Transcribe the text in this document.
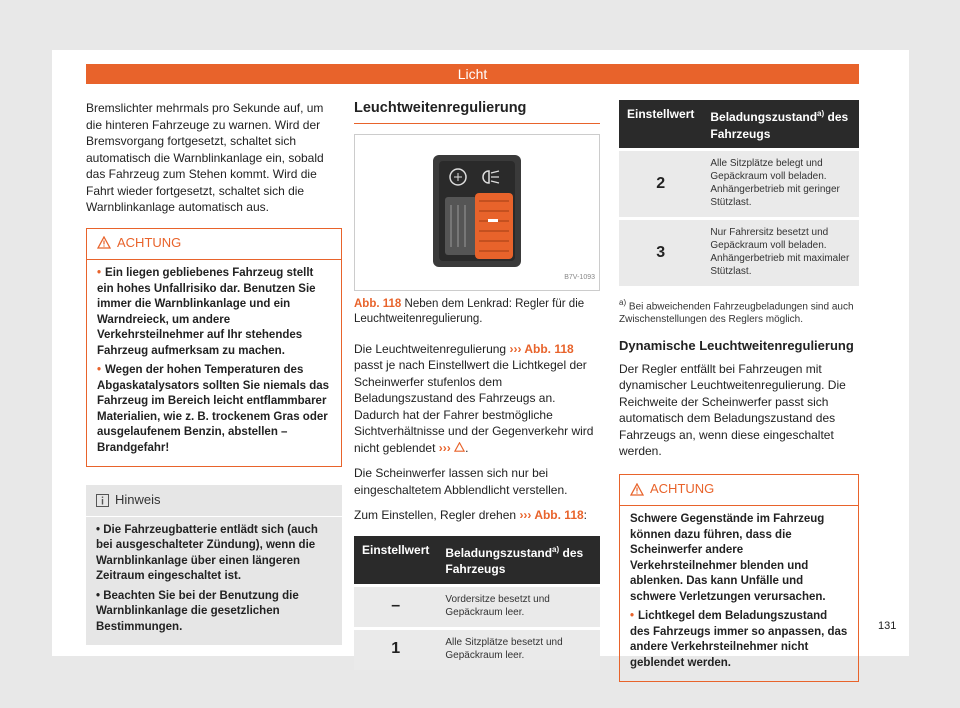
Licht

Bremslichter mehrmals pro Sekunde auf, um die hinteren Fahrzeuge zu warnen. Wird der Bremsvorgang fortgesetzt, schaltet sich automatisch die Warnblinkanlage ein, sobald das Fahrzeug zum Stehen kommt. Wird die Fahrt wieder fortgesetzt, schaltet sich die Warnblinkanlage automatisch aus.

ACHTUNG
• Ein liegen gebliebenes Fahrzeug stellt ein hohes Unfallrisiko dar. Benutzen Sie immer die Warnblinkanlage und ein Warndreieck, um andere Verkehrsteilnehmer auf Ihr stehendes Fahrzeug aufmerksam zu machen.
• Wegen der hohen Temperaturen des Abgaskatalysators sollten Sie niemals das Fahrzeug im Bereich leicht entflammbarer Materialien, wie z. B. trockenem Gras oder ausgelaufenem Benzin, abstellen – Brandgefahr!
Hinweis
• Die Fahrzeugbatterie entlädt sich (auch bei ausgeschalteter Zündung), wenn die Warnblinkanlage über einen längeren Zeitraum eingeschaltet ist.
• Beachten Sie bei der Benutzung die Warnblinkanlage die gesetzlichen Bestimmungen.
Leuchtweitenregulierung
B7V-1093
Abb. 118 Neben dem Lenkrad: Regler für die Leuchtweitenregulierung.

Die Leuchtweitenregulierung ››› Abb. 118 passt je nach Einstellwert die Lichtkegel der Scheinwerfer stufenlos dem Beladungszustand des Fahrzeugs an. Dadurch hat der Fahrer bestmögliche Sichtverhältnisse und der Gegenverkehr wird nicht geblendet ››› .

Die Scheinwerfer lassen sich nur bei eingeschaltetem Abblendlicht verstellen.

Zum Einstellen, Regler drehen ››› Abb. 118:

Einstellwert	Beladungszustand$^{a)}$ des Fahrzeugs
–	Vordersitze besetzt und Gepäckraum leer.
1	Alle Sitzplätze besetzt und Gepäckraum leer.
Einstellwert	Beladungszustand$^{a)}$ des Fahrzeugs
2	Alle Sitzplätze belegt und Gepäckraum voll beladen. Anhängerbetrieb mit geringer Stützlast.
3	Nur Fahrersitz besetzt und Gepäckraum voll beladen. Anhängerbetrieb mit maximaler Stützlast.
$^{a)}$ Bei abweichenden Fahrzeugbeladungen sind auch Zwischenstellungen des Reglers möglich.
Dynamische Leuchtweitenregulierung

Der Regler entfällt bei Fahrzeugen mit dynamischer Leuchtweitenregulierung. Die Reichweite der Scheinwerfer passt sich automatisch dem Beladungszustand des Fahrzeugs an, wenn diese eingeschaltet werden.

ACHTUNG
Schwere Gegenstände im Fahrzeug können dazu führen, dass die Scheinwerfer andere Verkehrsteilnehmer blenden und ablenken. Das kann Unfälle und schwere Verletzungen verursachen.
• Lichtkegel dem Beladungszustand des Fahrzeugs immer so anpassen, das andere Verkehrsteilnehmer nicht geblendet werden.
131
